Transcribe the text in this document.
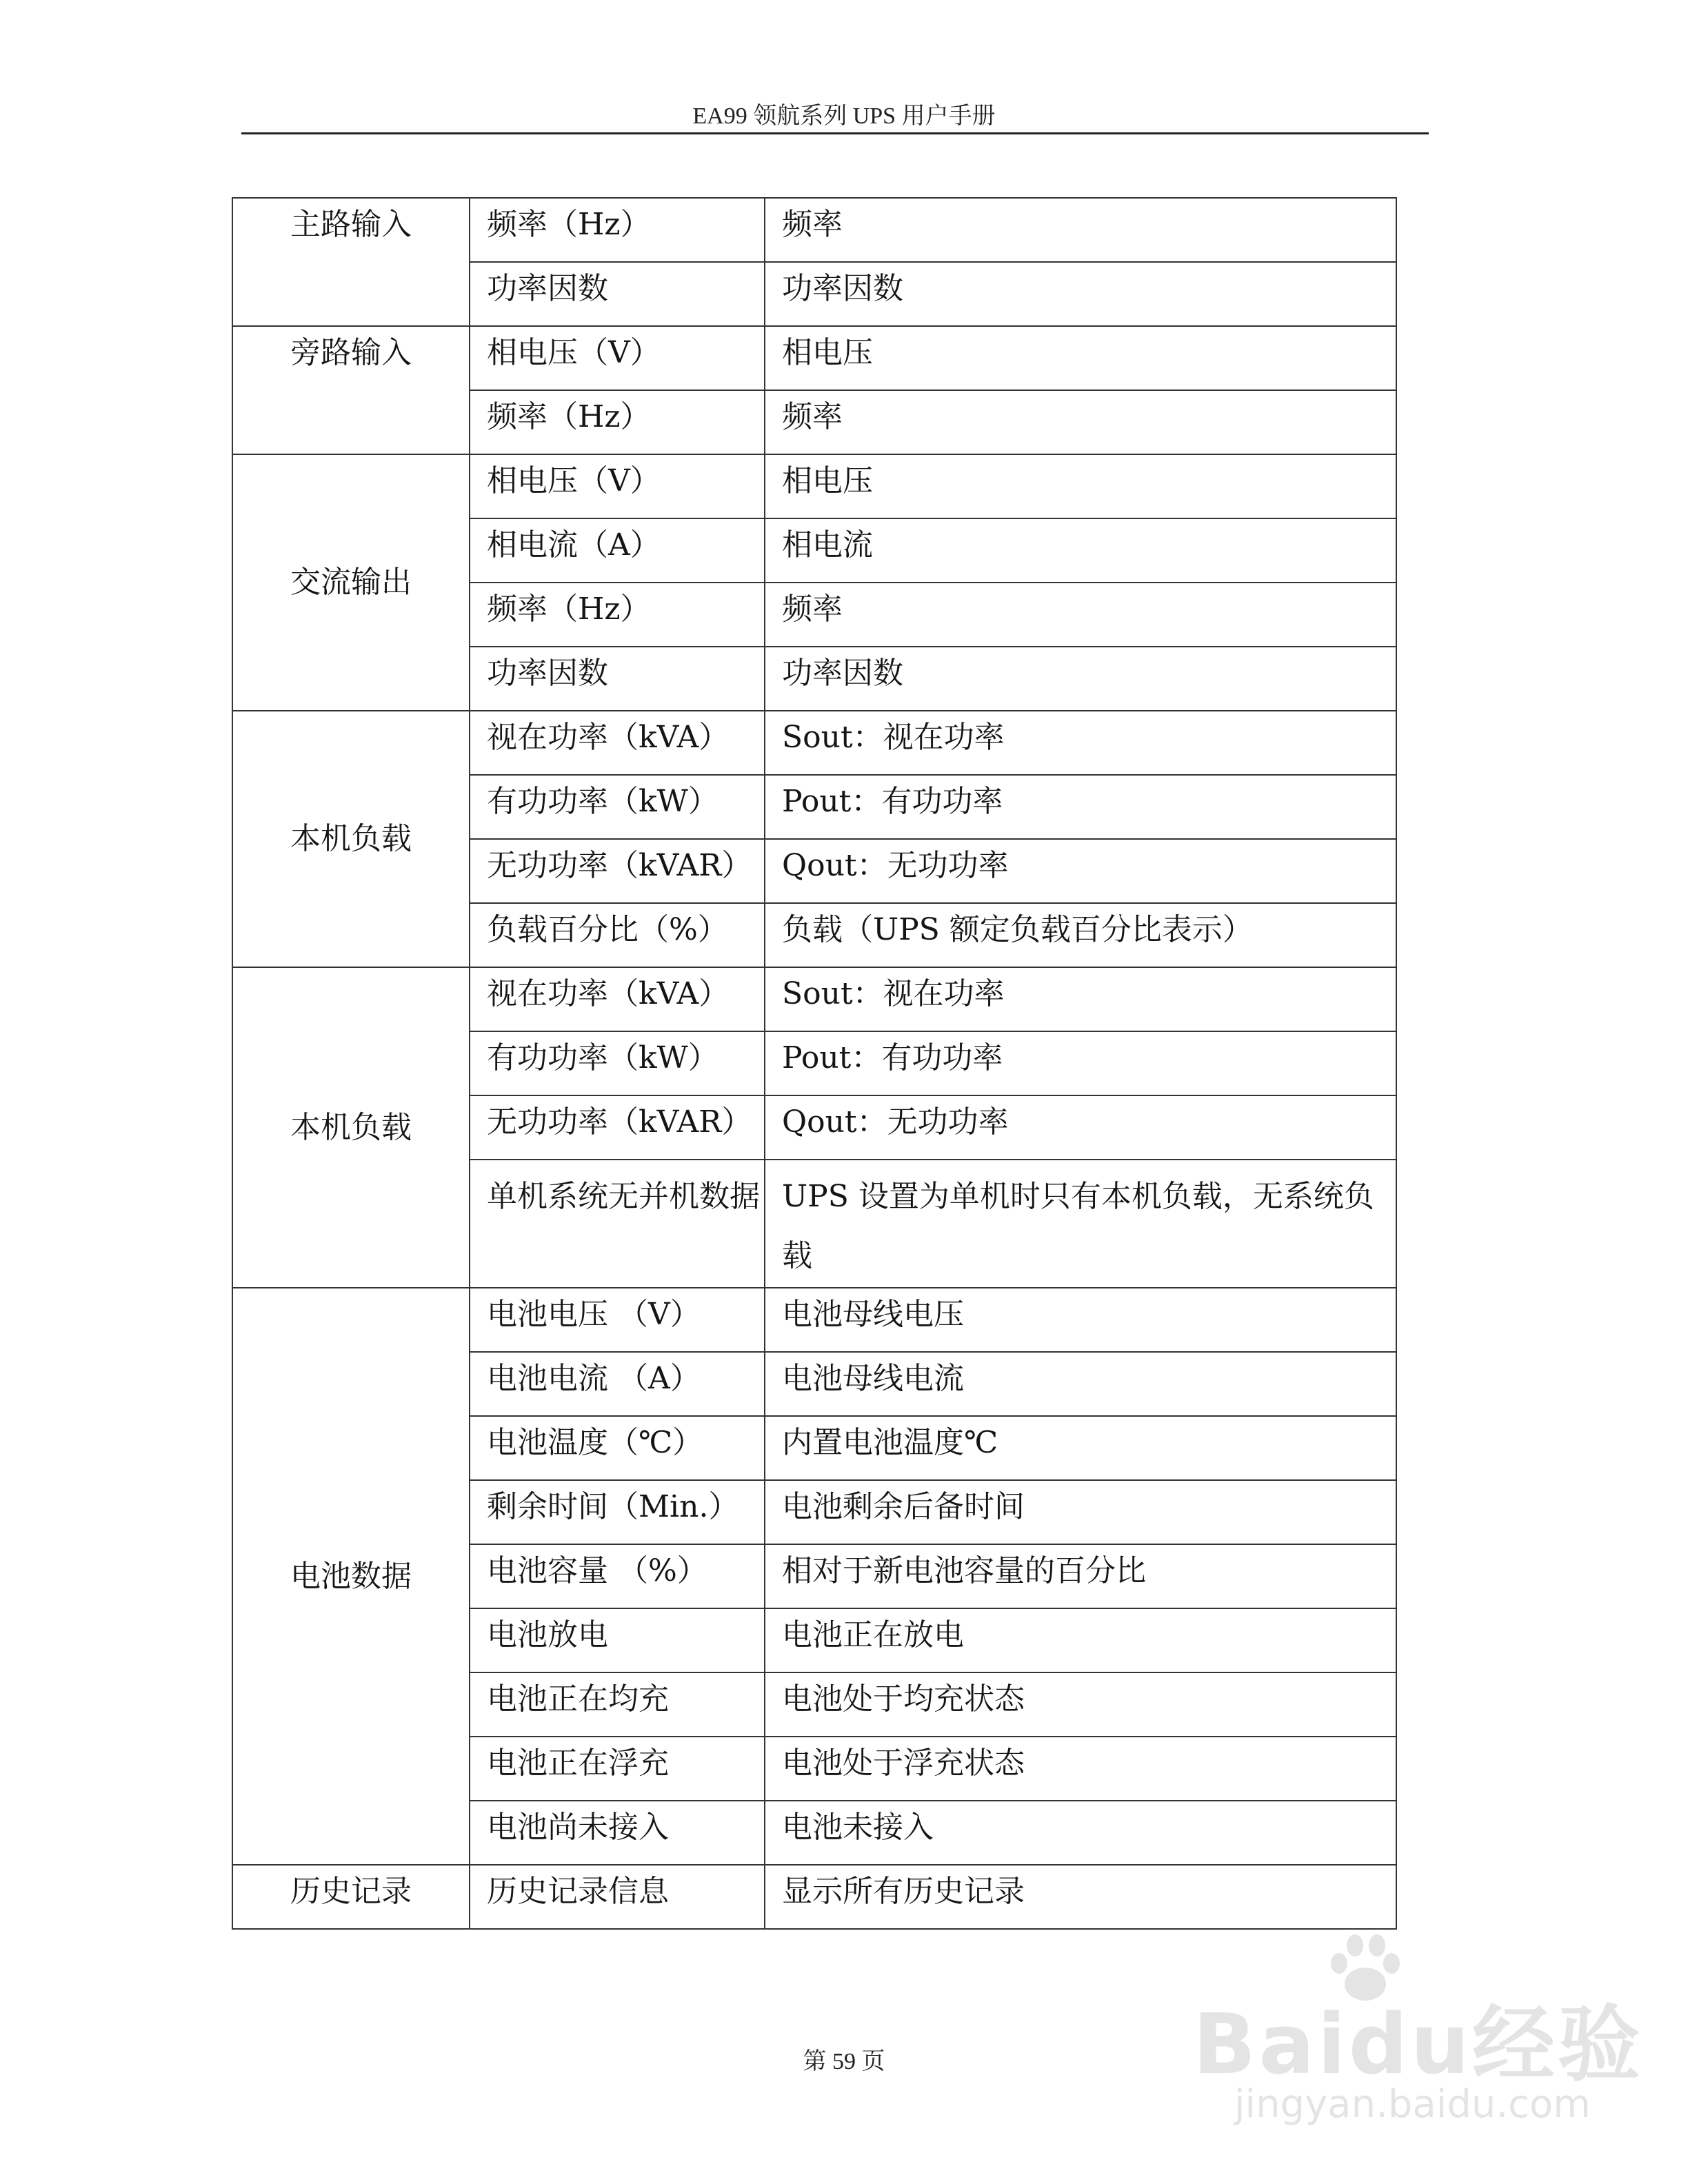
EA99 领航系列 UPS 用户手册
主路输入	频率（Hz）	频率
	功率因数	功率因数
旁路输入	相电压（V）	相电压
	频率（Hz）	频率
交流输出	相电压（V）	相电压
	相电流（A）	相电流
	频率（Hz）	频率
	功率因数	功率因数
本机负载	视在功率（kVA）	Sout：视在功率
	有功功率（kW）	Pout：有功功率
	无功功率（kVAR）	Qout：无功功率
	负载百分比（%）	负载（UPS 额定负载百分比表示）
本机负载	视在功率（kVA）	Sout：视在功率
	有功功率（kW）	Pout：有功功率
	无功功率（kVAR）	Qout：无功功率
	单机系统无并机数据	UPS 设置为单机时只有本机负载，无系统负载
电池数据	电池电压 （V）	电池母线电压
	电池电流 （A）	电池母线电流
	电池温度（℃）	内置电池温度℃
	剩余时间（Min.）	电池剩余后备时间
	电池容量 （%）	相对于新电池容量的百分比
	电池放电	电池正在放电
	电池正在均充	电池处于均充状态
	电池正在浮充	电池处于浮充状态
	电池尚未接入	电池未接入
历史记录	历史记录信息	显示所有历史记录
Baidu经验
jingyan.baidu.com
第 59 页
